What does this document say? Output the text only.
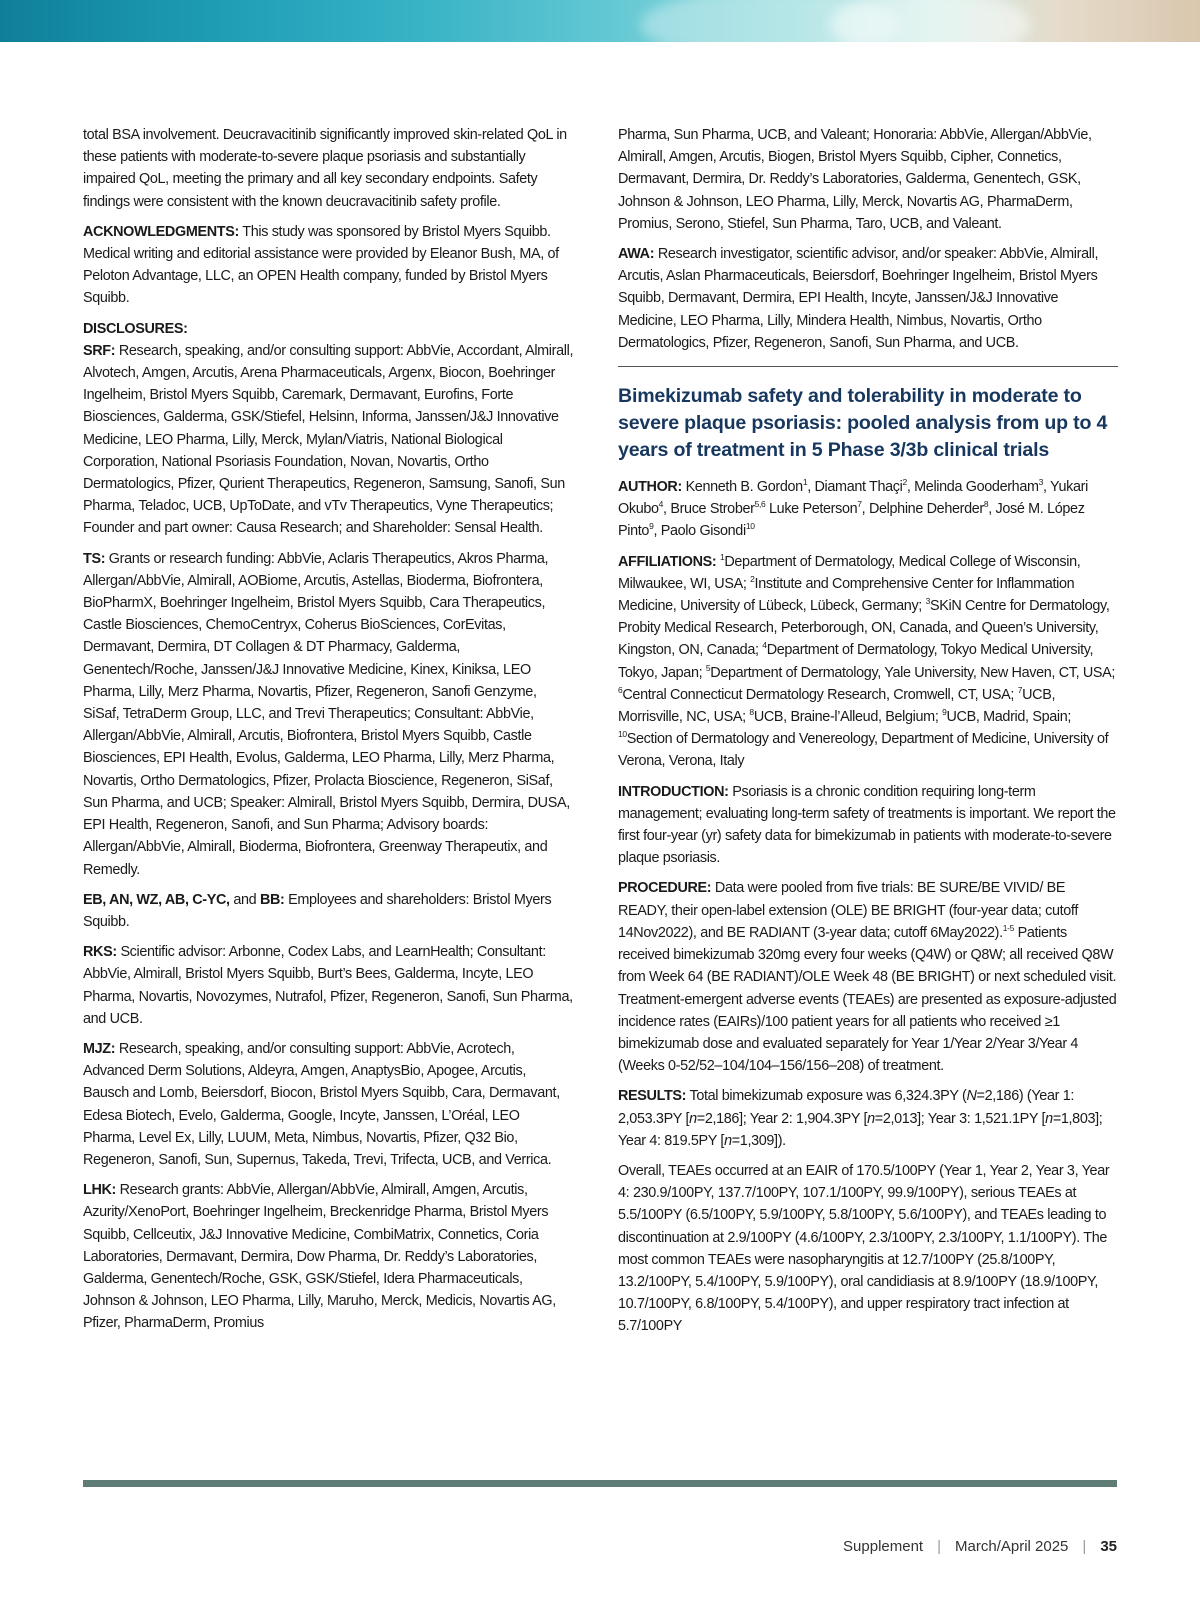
total BSA involvement. Deucravacitinib significantly improved skin-related QoL in these patients with moderate-to-severe plaque psoriasis and substantially impaired QoL, meeting the primary and all key secondary endpoints. Safety findings were consistent with the known deucravacitinib safety profile.

ACKNOWLEDGMENTS: This study was sponsored by Bristol Myers Squibb. Medical writing and editorial assistance were provided by Eleanor Bush, MA, of Peloton Advantage, LLC, an OPEN Health company, funded by Bristol Myers Squibb.

DISCLOSURES:
SRF: Research, speaking, and/or consulting support: AbbVie, Accordant, Almirall, Alvotech, Amgen, Arcutis, Arena Pharmaceuticals, Argenx, Biocon, Boehringer Ingelheim, Bristol Myers Squibb, Caremark, Dermavant, Eurofins, Forte Biosciences, Galderma, GSK/Stiefel, Helsinn, Informa, Janssen/J&J Innovative Medicine, LEO Pharma, Lilly, Merck, Mylan/Viatris, National Biological Corporation, National Psoriasis Foundation, Novan, Novartis, Ortho Dermatologics, Pfizer, Qurient Therapeutics, Regeneron, Samsung, Sanofi, Sun Pharma, Teladoc, UCB, UpToDate, and vTv Therapeutics, Vyne Therapeutics; Founder and part owner: Causa Research; and Shareholder: Sensal Health.

TS: Grants or research funding: AbbVie, Aclaris Therapeutics, Akros Pharma, Allergan/AbbVie, Almirall, AOBiome, Arcutis, Astellas, Bioderma, Biofrontera, BioPharmX, Boehringer Ingelheim, Bristol Myers Squibb, Cara Therapeutics, Castle Biosciences, ChemoCentryx, Coherus BioSciences, CorEvitas, Dermavant, Dermira, DT Collagen & DT Pharmacy, Galderma, Genentech/Roche, Janssen/J&J Innovative Medicine, Kinex, Kiniksa, LEO Pharma, Lilly, Merz Pharma, Novartis, Pfizer, Regeneron, Sanofi Genzyme, SiSaf, TetraDerm Group, LLC, and Trevi Therapeutics; Consultant: AbbVie, Allergan/AbbVie, Almirall, Arcutis, Biofrontera, Bristol Myers Squibb, Castle Biosciences, EPI Health, Evolus, Galderma, LEO Pharma, Lilly, Merz Pharma, Novartis, Ortho Dermatologics, Pfizer, Prolacta Bioscience, Regeneron, SiSaf, Sun Pharma, and UCB; Speaker: Almirall, Bristol Myers Squibb, Dermira, DUSA, EPI Health, Regeneron, Sanofi, and Sun Pharma; Advisory boards: Allergan/AbbVie, Almirall, Bioderma, Biofrontera, Greenway Therapeutix, and Remedly.

EB, AN, WZ, AB, C-YC, and BB: Employees and shareholders: Bristol Myers Squibb.

RKS: Scientific advisor: Arbonne, Codex Labs, and LearnHealth; Consultant: AbbVie, Almirall, Bristol Myers Squibb, Burt’s Bees, Galderma, Incyte, LEO Pharma, Novartis, Novozymes, Nutrafol, Pfizer, Regeneron, Sanofi, Sun Pharma, and UCB.

MJZ: Research, speaking, and/or consulting support: AbbVie, Acrotech, Advanced Derm Solutions, Aldeyra, Amgen, AnaptysBio, Apogee, Arcutis, Bausch and Lomb, Beiersdorf, Biocon, Bristol Myers Squibb, Cara, Dermavant, Edesa Biotech, Evelo, Galderma, Google, Incyte, Janssen, L’Oréal, LEO Pharma, Level Ex, Lilly, LUUM, Meta, Nimbus, Novartis, Pfizer, Q32 Bio, Regeneron, Sanofi, Sun, Supernus, Takeda, Trevi, Trifecta, UCB, and Verrica.

LHK: Research grants: AbbVie, Allergan/AbbVie, Almirall, Amgen, Arcutis, Azurity/XenoPort, Boehringer Ingelheim, Breckenridge Pharma, Bristol Myers Squibb, Cellceutix, J&J Innovative Medicine, CombiMatrix, Connetics, Coria Laboratories, Dermavant, Dermira, Dow Pharma, Dr. Reddy’s Laboratories, Galderma, Genentech/Roche, GSK, GSK/Stiefel, Idera Pharmaceuticals, Johnson & Johnson, LEO Pharma, Lilly, Maruho, Merck, Medicis, Novartis AG, Pfizer, PharmaDerm, Promius

Pharma, Sun Pharma, UCB, and Valeant; Honoraria: AbbVie, Allergan/AbbVie, Almirall, Amgen, Arcutis, Biogen, Bristol Myers Squibb, Cipher, Connetics, Dermavant, Dermira, Dr. Reddy’s Laboratories, Galderma, Genentech, GSK, Johnson & Johnson, LEO Pharma, Lilly, Merck, Novartis AG, PharmaDerm, Promius, Serono, Stiefel, Sun Pharma, Taro, UCB, and Valeant.

AWA: Research investigator, scientific advisor, and/or speaker: AbbVie, Almirall, Arcutis, Aslan Pharmaceuticals, Beiersdorf, Boehringer Ingelheim, Bristol Myers Squibb, Dermavant, Dermira, EPI Health, Incyte, Janssen/J&J Innovative Medicine, LEO Pharma, Lilly, Mindera Health, Nimbus, Novartis, Ortho Dermatologics, Pfizer, Regeneron, Sanofi, Sun Pharma, and UCB.

Bimekizumab safety and tolerability in moderate to severe plaque psoriasis: pooled analysis from up to 4 years of treatment in 5 Phase 3/3b clinical trials

AUTHOR: Kenneth B. Gordon$^1$, Diamant Thaçi$^2$, Melinda Gooderham$^3$, Yukari Okubo$^4$, Bruce Strober$^{5,6}$ Luke Peterson$^7$, Delphine Deherder$^8$, José M. López Pinto$^9$, Paolo Gisondi$^{10}$

AFFILIATIONS: $^1$Department of Dermatology, Medical College of Wisconsin, Milwaukee, WI, USA; $^2$Institute and Comprehensive Center for Inflammation Medicine, University of Lübeck, Lübeck, Germany; $^3$SKiN Centre for Dermatology, Probity Medical Research, Peterborough, ON, Canada, and Queen’s University, Kingston, ON, Canada; $^4$Department of Dermatology, Tokyo Medical University, Tokyo, Japan; $^5$Department of Dermatology, Yale University, New Haven, CT, USA; $^6$Central Connecticut Dermatology Research, Cromwell, CT, USA; $^7$UCB, Morrisville, NC, USA; $^8$UCB, Braine-l’Alleud, Belgium; $^9$UCB, Madrid, Spain; $^{10}$Section of Dermatology and Venereology, Department of Medicine, University of Verona, Verona, Italy

INTRODUCTION: Psoriasis is a chronic condition requiring long-term management; evaluating long-term safety of treatments is important. We report the first four-year (yr) safety data for bimekizumab in patients with moderate-to-severe plaque psoriasis.

PROCEDURE: Data were pooled from five trials: BE SURE/BE VIVID/ BE READY, their open-label extension (OLE) BE BRIGHT (four-year data; cutoff 14Nov2022), and BE RADIANT (3-year data; cutoff 6May2022).$^{1-5}$ Patients received bimekizumab 320mg every four weeks (Q4W) or Q8W; all received Q8W from Week 64 (BE RADIANT)/OLE Week 48 (BE BRIGHT) or next scheduled visit. Treatment-emergent adverse events (TEAEs) are presented as exposure-adjusted incidence rates (EAIRs)/100 patient years for all patients who received ≥1 bimekizumab dose and evaluated separately for Year 1/Year 2/Year 3/Year 4 (Weeks 0-52/52–104/104–156/156–208) of treatment.

RESULTS: Total bimekizumab exposure was 6,324.3PY (N=2,186) (Year 1: 2,053.3PY [n=2,186]; Year 2: 1,904.3PY [n=2,013]; Year 3: 1,521.1PY [n=1,803]; Year 4: 819.5PY [n=1,309]).

Overall, TEAEs occurred at an EAIR of 170.5/100PY (Year 1, Year 2, Year 3, Year 4: 230.9/100PY, 137.7/100PY, 107.1/100PY, 99.9/100PY), serious TEAEs at 5.5/100PY (6.5/100PY, 5.9/100PY, 5.8/100PY, 5.6/100PY), and TEAEs leading to discontinuation at 2.9/100PY (4.6/100PY, 2.3/100PY, 2.3/100PY, 1.1/100PY). The most common TEAEs were nasopharyngitis at 12.7/100PY (25.8/100PY, 13.2/100PY, 5.4/100PY, 5.9/100PY), oral candidiasis at 8.9/100PY (18.9/100PY, 10.7/100PY, 6.8/100PY, 5.4/100PY), and upper respiratory tract infection at 5.7/100PY

Supplement | March/April 2025 | 35
